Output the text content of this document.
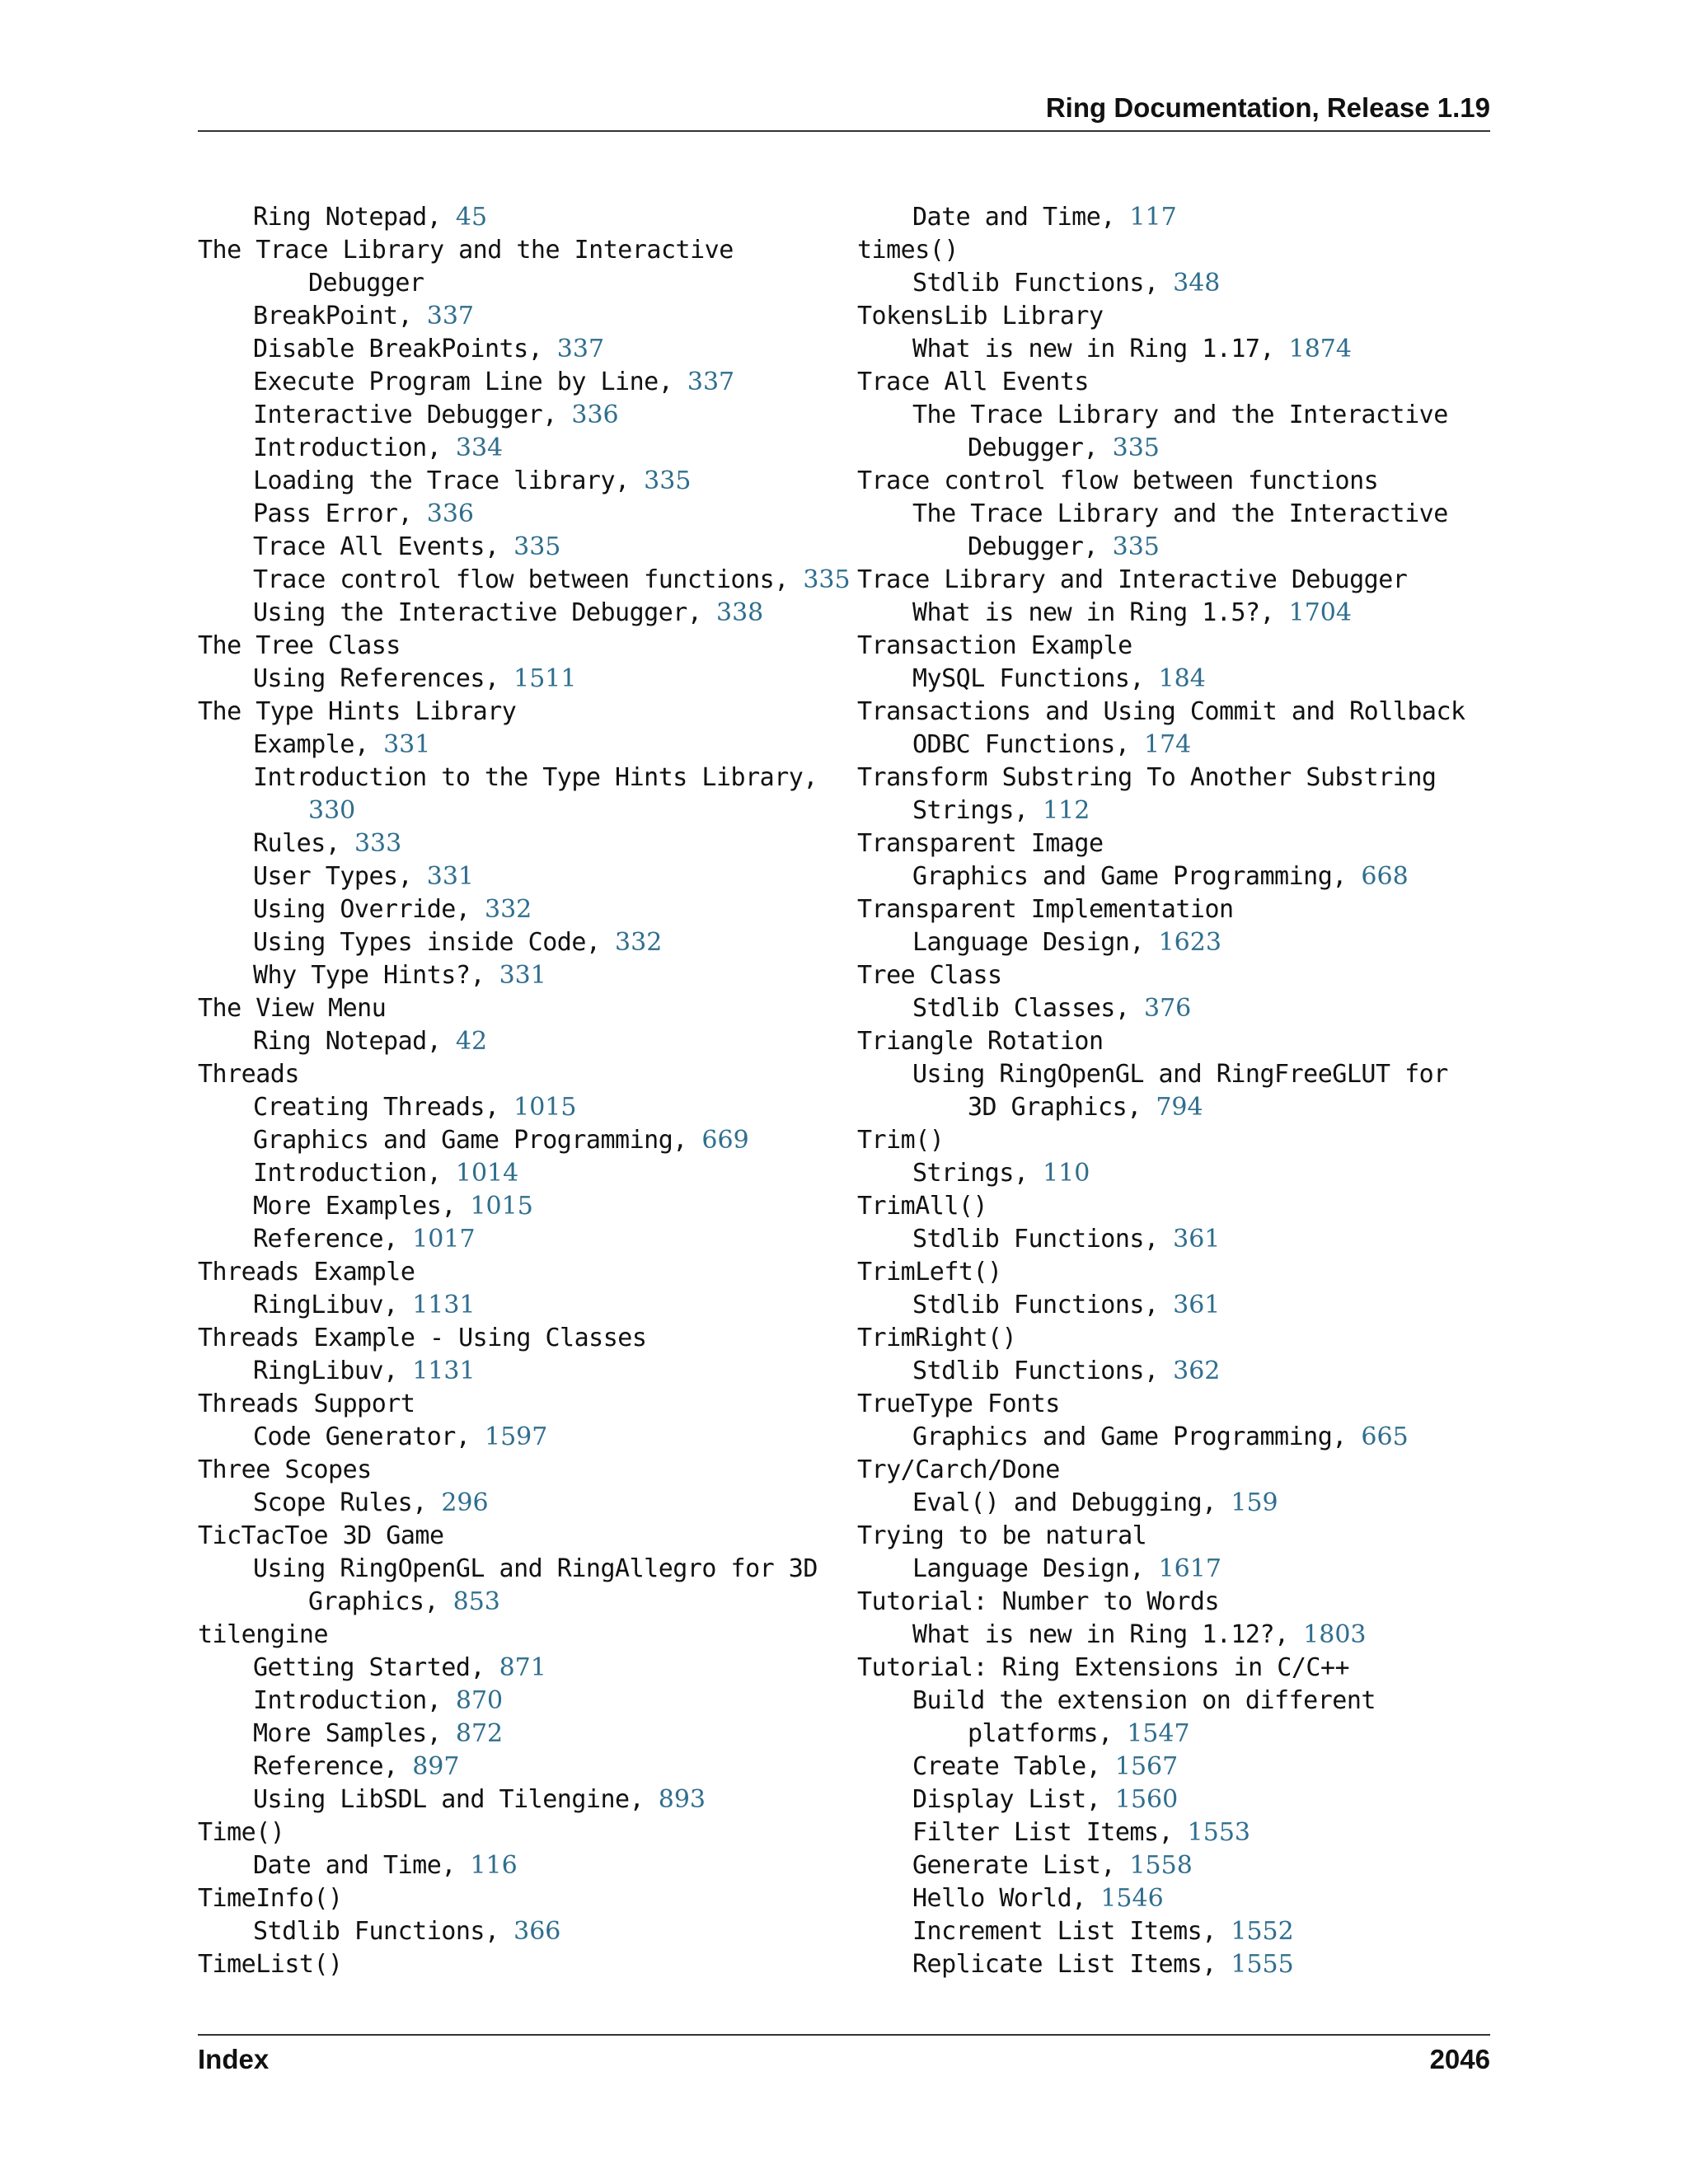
Ring Documentation, Release 1.19
Ring Notepad, 45
The Trace Library and the Interactive
Debugger
BreakPoint, 337
Disable BreakPoints, 337
Execute Program Line by Line, 337
Interactive Debugger, 336
Introduction, 334
Loading the Trace library, 335
Pass Error, 336
Trace All Events, 335
Trace control flow between functions, 335
Using the Interactive Debugger, 338
The Tree Class
Using References, 1511
The Type Hints Library
Example, 331
Introduction to the Type Hints Library,
330
Rules, 333
User Types, 331
Using Override, 332
Using Types inside Code, 332
Why Type Hints?, 331
The View Menu
Ring Notepad, 42
Threads
Creating Threads, 1015
Graphics and Game Programming, 669
Introduction, 1014
More Examples, 1015
Reference, 1017
Threads Example
RingLibuv, 1131
Threads Example - Using Classes
RingLibuv, 1131
Threads Support
Code Generator, 1597
Three Scopes
Scope Rules, 296
TicTacToe 3D Game
Using RingOpenGL and RingAllegro for 3D
Graphics, 853
tilengine
Getting Started, 871
Introduction, 870
More Samples, 872
Reference, 897
Using LibSDL and Tilengine, 893
Time()
Date and Time, 116
TimeInfo()
Stdlib Functions, 366
TimeList()
Date and Time, 117
times()
Stdlib Functions, 348
TokensLib Library
What is new in Ring 1.17, 1874
Trace All Events
The Trace Library and the Interactive
Debugger, 335
Trace control flow between functions
The Trace Library and the Interactive
Debugger, 335
Trace Library and Interactive Debugger
What is new in Ring 1.5?, 1704
Transaction Example
MySQL Functions, 184
Transactions and Using Commit and Rollback
ODBC Functions, 174
Transform Substring To Another Substring
Strings, 112
Transparent Image
Graphics and Game Programming, 668
Transparent Implementation
Language Design, 1623
Tree Class
Stdlib Classes, 376
Triangle Rotation
Using RingOpenGL and RingFreeGLUT for
3D Graphics, 794
Trim()
Strings, 110
TrimAll()
Stdlib Functions, 361
TrimLeft()
Stdlib Functions, 361
TrimRight()
Stdlib Functions, 362
TrueType Fonts
Graphics and Game Programming, 665
Try/Carch/Done
Eval() and Debugging, 159
Trying to be natural
Language Design, 1617
Tutorial: Number to Words
What is new in Ring 1.12?, 1803
Tutorial: Ring Extensions in C/C++
Build the extension on different
platforms, 1547
Create Table, 1567
Display List, 1560
Filter List Items, 1553
Generate List, 1558
Hello World, 1546
Increment List Items, 1552
Replicate List Items, 1555
Index	2046
